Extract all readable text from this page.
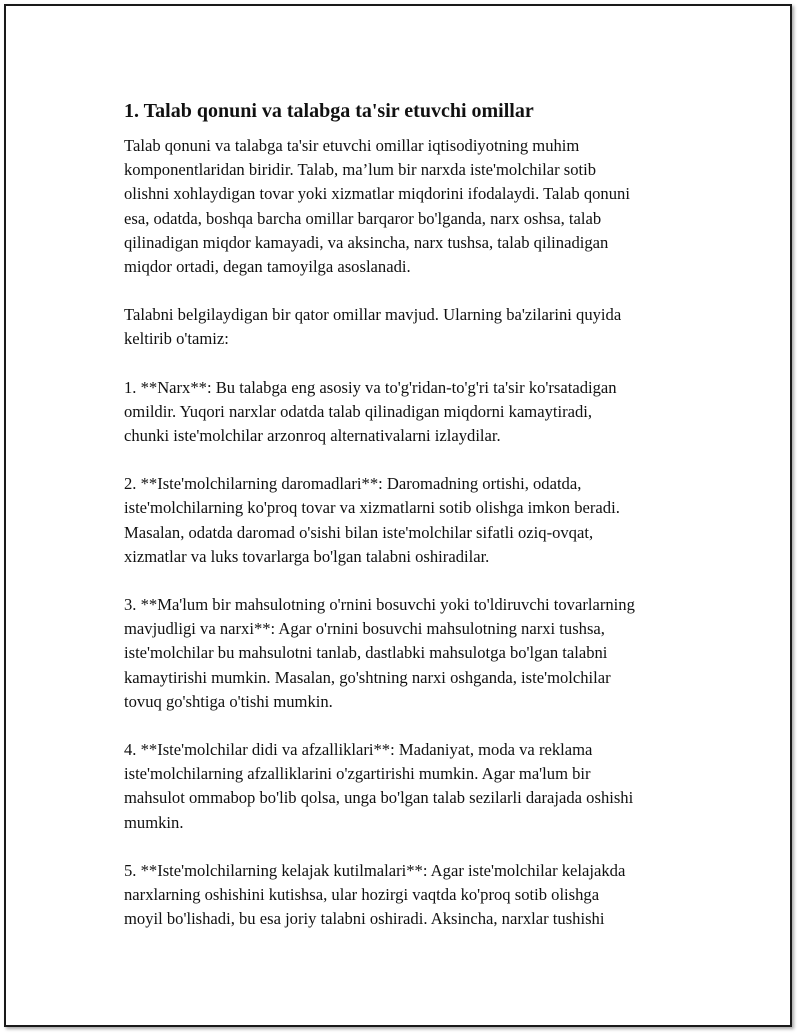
1. Talab qonuni va talabga ta'sir etuvchi omillar

Talab qonuni va talabga ta'sir etuvchi omillar iqtisodiyotning muhim
komponentlaridan biridir. Talab, ma’lum bir narxda iste'molchilar sotib
olishni xohlaydigan tovar yoki xizmatlar miqdorini ifodalaydi. Talab qonuni
esa, odatda, boshqa barcha omillar barqaror bo'lganda, narx oshsa, talab
qilinadigan miqdor kamayadi, va aksincha, narx tushsa, talab qilinadigan
miqdor ortadi, degan tamoyilga asoslanadi.

Talabni belgilaydigan bir qator omillar mavjud. Ularning ba'zilarini quyida
keltirib o'tamiz:

1. **Narx**: Bu talabga eng asosiy va to'g'ridan-to'g'ri ta'sir ko'rsatadigan
omildir. Yuqori narxlar odatda talab qilinadigan miqdorni kamaytiradi,
chunki iste'molchilar arzonroq alternativalarni izlaydilar.

2. **Iste'molchilarning daromadlari**: Daromadning ortishi, odatda,
iste'molchilarning ko'proq tovar va xizmatlarni sotib olishga imkon beradi.
Masalan, odatda daromad o'sishi bilan iste'molchilar sifatli oziq-ovqat,
xizmatlar va luks tovarlarga bo'lgan talabni oshiradilar.

3. **Ma'lum bir mahsulotning o'rnini bosuvchi yoki to'ldiruvchi tovarlarning
mavjudligi va narxi**: Agar o'rnini bosuvchi mahsulotning narxi tushsa,
iste'molchilar bu mahsulotni tanlab, dastlabki mahsulotga bo'lgan talabni
kamaytirishi mumkin. Masalan, go'shtning narxi oshganda, iste'molchilar
tovuq go'shtiga o'tishi mumkin.

4. **Iste'molchilar didi va afzalliklari**: Madaniyat, moda va reklama
iste'molchilarning afzalliklarini o'zgartirishi mumkin. Agar ma'lum bir
mahsulot ommabop bo'lib qolsa, unga bo'lgan talab sezilarli darajada oshishi
mumkin.

5. **Iste'molchilarning kelajak kutilmalari**: Agar iste'molchilar kelajakda
narxlarning oshishini kutishsa, ular hozirgi vaqtda ko'proq sotib olishga
moyil bo'lishadi, bu esa joriy talabni oshiradi. Aksincha, narxlar tushishi
